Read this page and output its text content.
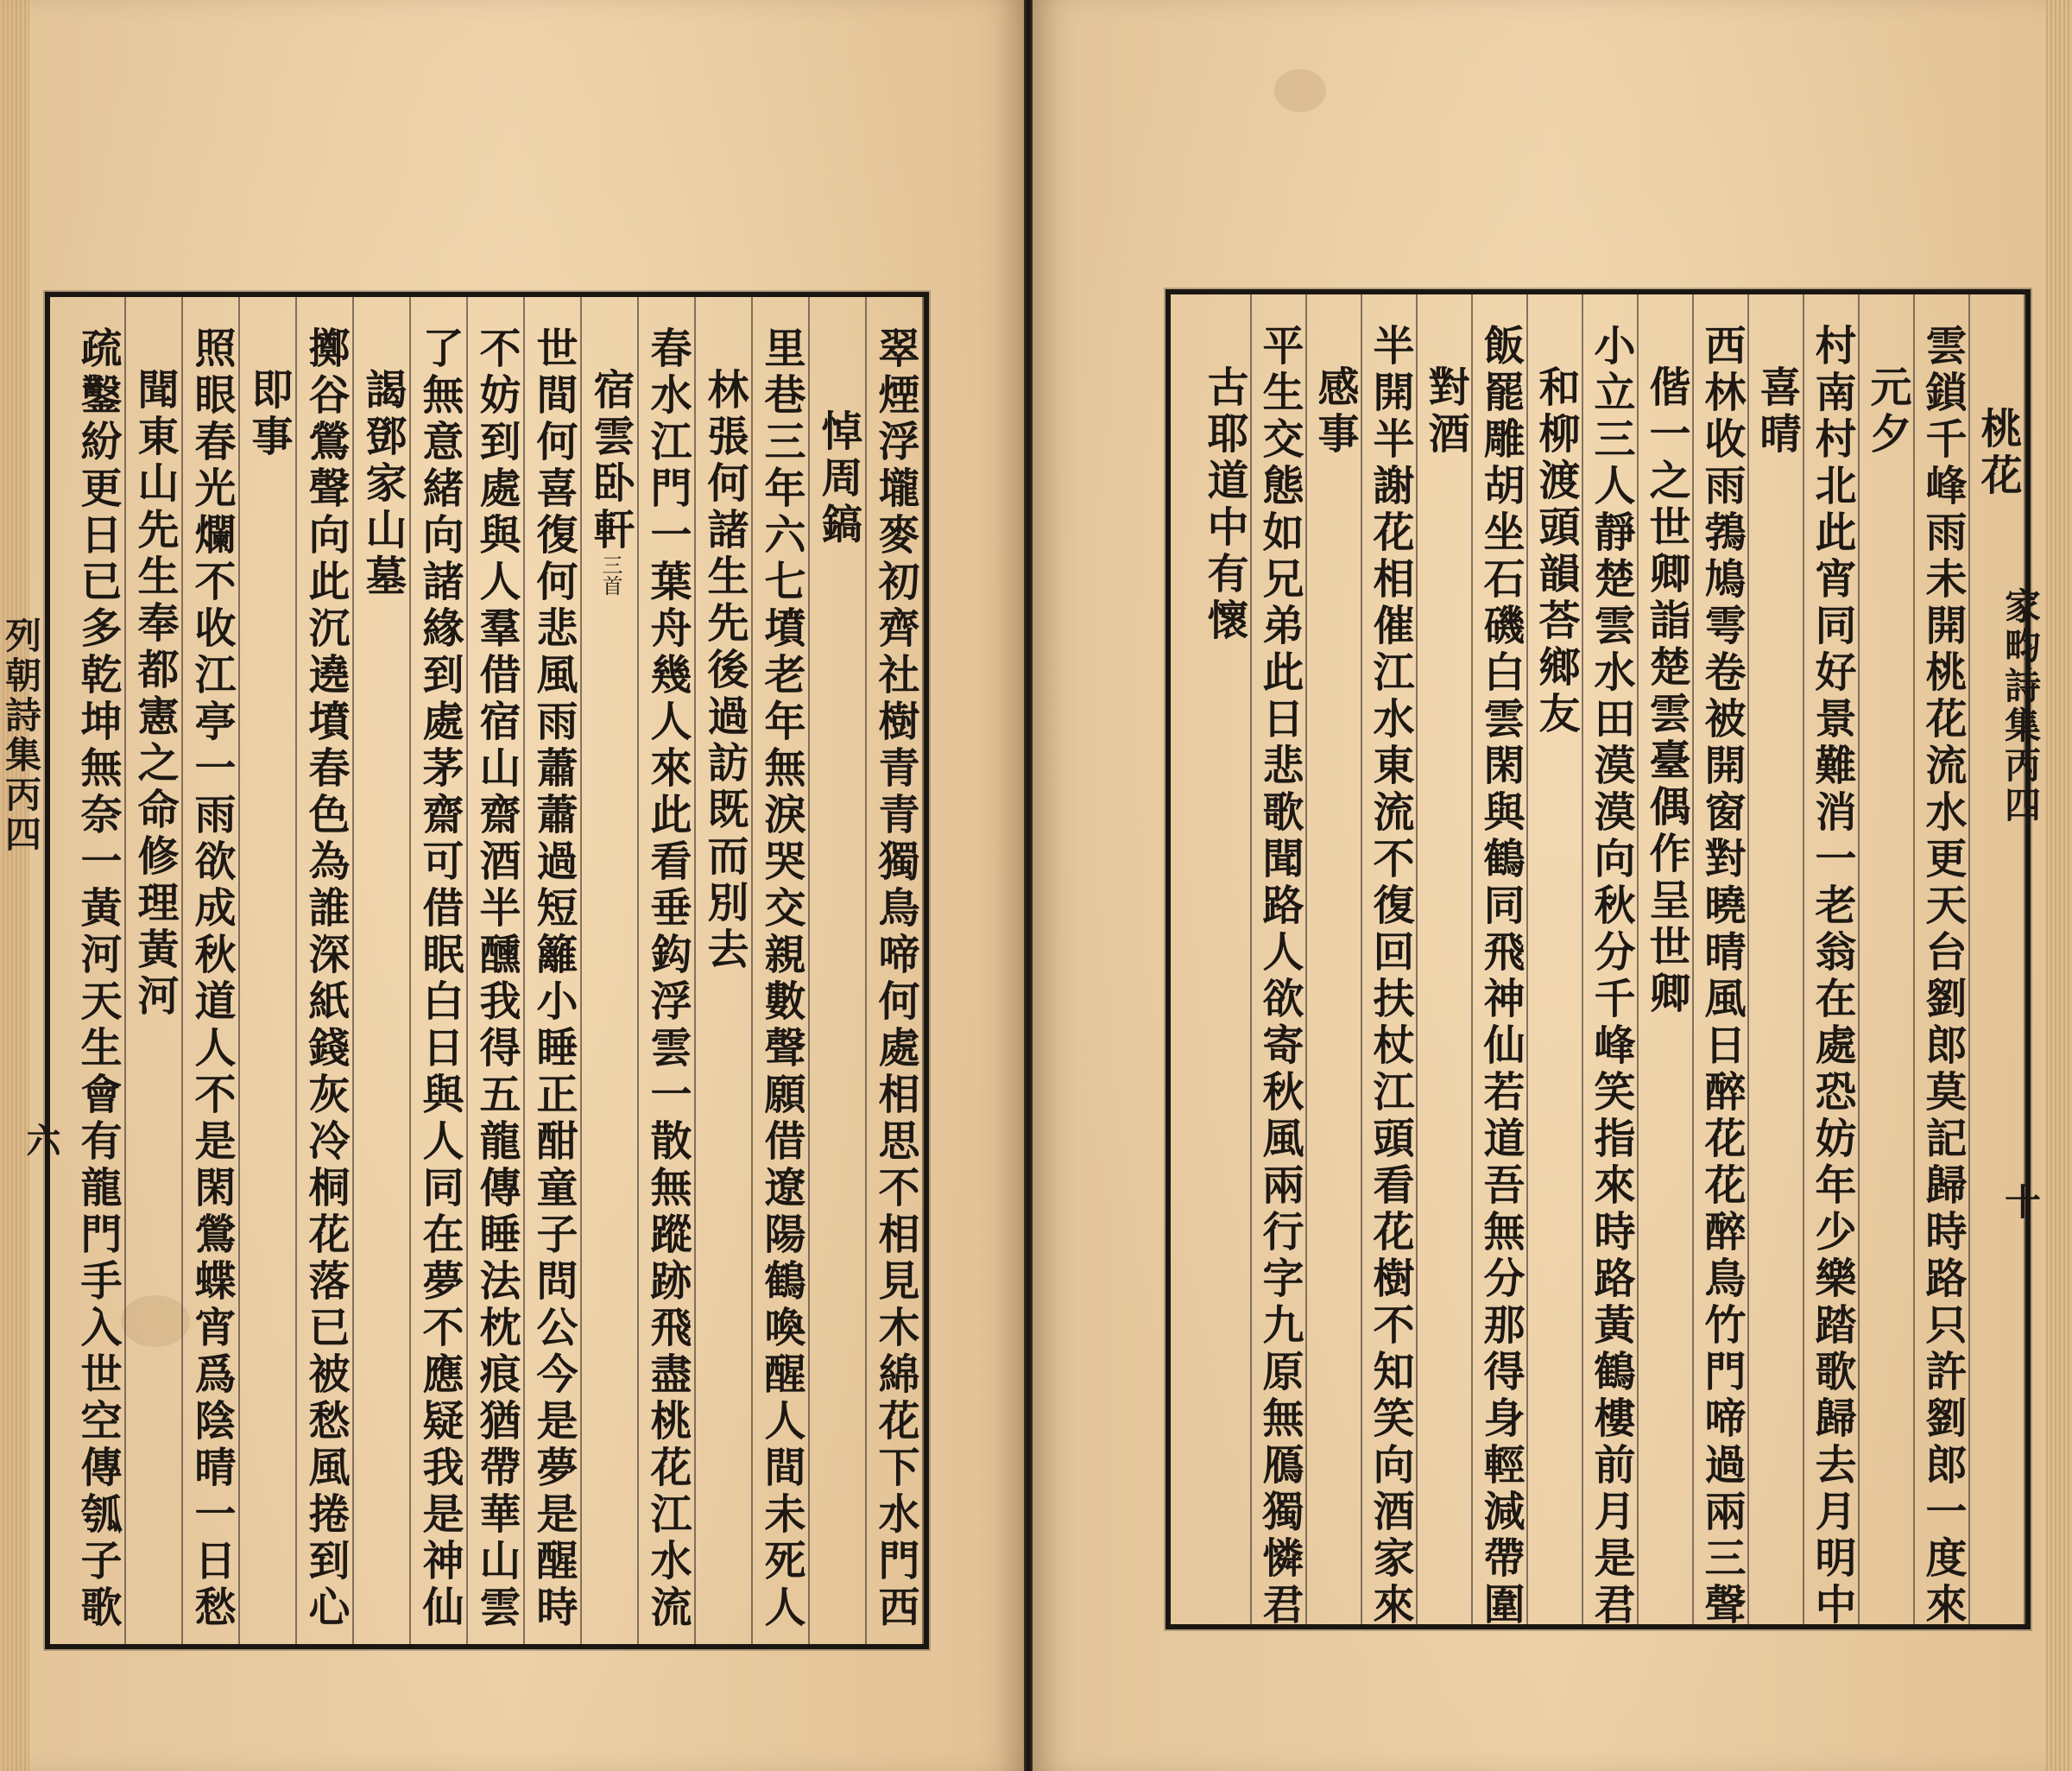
列朝詩集丙四	翠煙浮壠麥初齊社樹青青獨鳥啼何處相思不相見木綿花下水門西
悼周鎬
里巷三年六七墳老年無淚哭交親數聲願借遼陽鶴喚醒人間未死人
林張何諸生先後過訪既而別去
春水江門一葉舟幾人來此看垂鈎浮雲一散無蹤跡飛盡桃花江水流
宿雲卧軒三首
世間何喜復何悲風雨蕭蕭過短籬小睡正酣童子問公今是夢是醒時
不妨到處與人羣借宿山齋酒半醺我得五龍傳睡法枕痕猶帶華山雲
了無意緒向諸緣到處茅齋可借眠白日與人同在夢不應疑我是神仙
謁鄧家山墓
擲谷鶯聲向此沉遶墳春色為誰深紙錢灰冷桐花落已被愁風捲到心
即事
照眼春光爛不收江亭一雨欲成秋道人不是閑鶯蝶宵爲陰晴一日愁
聞東山先生奉都憲之命修理黃河
疏鑿紛更日已多乾坤無奈一黃河天生會有龍門手入世空傳瓠子歌
六
桃花
雲鎖千峰雨未開桃花流水更天台劉郎莫記歸時路只許劉郎一度來
元夕
村南村北此宵同好景難消一老翁在處恐妨年少樂踏歌歸去月明中
喜晴
西林收雨鵓鳩雩卷被開窗對曉晴風日醉花花醉鳥竹門啼過兩三聲
偕一之世卿詣楚雲臺偶作呈世卿
小立三人靜楚雲水田漠漠向秋分千峰笑指來時路黃鶴樓前月是君
和柳渡頭韻荅鄉友
飯罷雕胡坐石磯白雲閑與鶴同飛神仙若道吾無分那得身輕減帶圍
對酒
半開半謝花相催江水東流不復回扶杖江頭看花樹不知笑向酒家來
感事
平生交態如兄弟此日悲歌聞路人欲寄秋風兩行字九原無鴈獨憐君
古耶道中有懷
家畇詩集丙四
十
